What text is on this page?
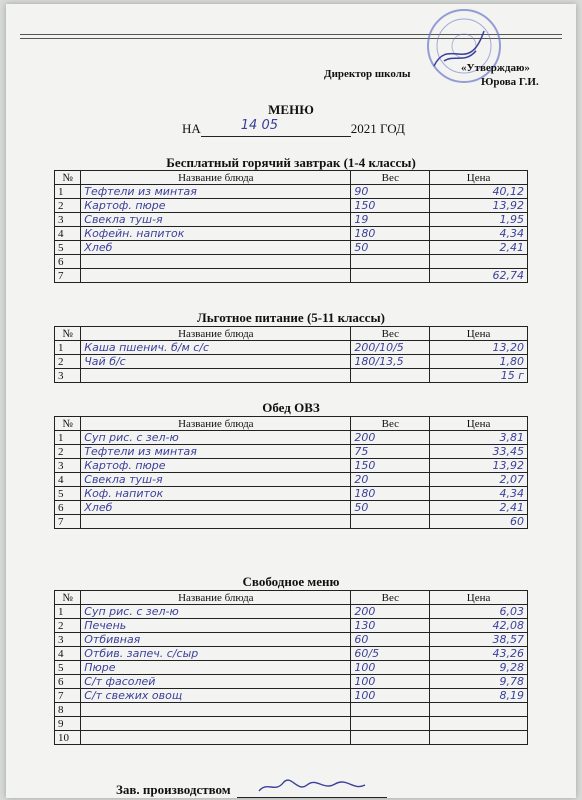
Директор школы	«Утверждаю»
Юрова Г.И.
МЕНЮ
НА	14 05	2021 ГОД
Бесплатный горячий завтрак (1-4 классы)
№	Название блюда	Вес	Цена
1	Тефтели из минтая	90	40,12
2	Картоф. пюре	150	13,92
3	Свекла туш-я	19	1,95
4	Кофейн. напиток	180	4,34
5	Хлеб	50	2,41
6			
7			62,74
Льготное питание (5-11 классы)
№	Название блюда	Вес	Цена
1	Каша пшенич. б/м с/с	200/10/5	13,20
2	Чай б/с	180/13,5	1,80
3			15 г
Обед ОВЗ
№	Название блюда	Вес	Цена
1	Суп рис. с зел-ю	200	3,81
2	Тефтели из минтая	75	33,45
3	Картоф. пюре	150	13,92
4	Свекла туш-я	20	2,07
5	Коф. напиток	180	4,34
6	Хлеб	50	2,41
7			60
Свободное меню
№	Название блюда	Вес	Цена
1	Суп рис. с зел-ю	200	6,03
2	Печень	130	42,08
3	Отбивная	60	38,57
4	Отбив. запеч. с/сыр	60/5	43,26
5	Пюре	100	9,28
6	С/т фасолей	100	9,78
7	С/т свежих овощ	100	8,19
8			
9			
10			
Зав. производством
